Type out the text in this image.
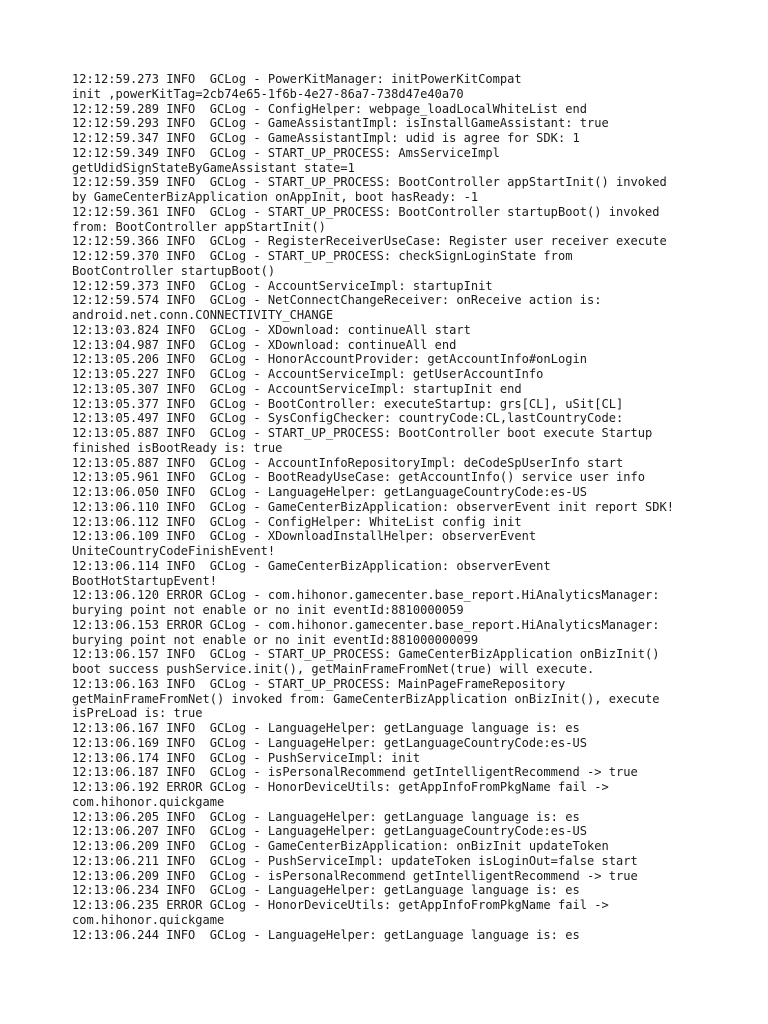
12:12:59.273 INFO  GCLog - PowerKitManager: initPowerKitCompat
init ,powerKitTag=2cb74e65-1f6b-4e27-86a7-738d47e40a70
12:12:59.289 INFO  GCLog - ConfigHelper: webpage_loadLocalWhiteList end
12:12:59.293 INFO  GCLog - GameAssistantImpl: isInstallGameAssistant: true
12:12:59.347 INFO  GCLog - GameAssistantImpl: udid is agree for SDK: 1
12:12:59.349 INFO  GCLog - START_UP_PROCESS: AmsServiceImpl
getUdidSignStateByGameAssistant state=1
12:12:59.359 INFO  GCLog - START_UP_PROCESS: BootController appStartInit() invoked
by GameCenterBizApplication onAppInit, boot hasReady: -1
12:12:59.361 INFO  GCLog - START_UP_PROCESS: BootController startupBoot() invoked
from: BootController appStartInit()
12:12:59.366 INFO  GCLog - RegisterReceiverUseCase: Register user receiver execute
12:12:59.370 INFO  GCLog - START_UP_PROCESS: checkSignLoginState from
BootController startupBoot()
12:12:59.373 INFO  GCLog - AccountServiceImpl: startupInit
12:12:59.574 INFO  GCLog - NetConnectChangeReceiver: onReceive action is:
android.net.conn.CONNECTIVITY_CHANGE
12:13:03.824 INFO  GCLog - XDownload: continueAll start
12:13:04.987 INFO  GCLog - XDownload: continueAll end
12:13:05.206 INFO  GCLog - HonorAccountProvider: getAccountInfo#onLogin
12:13:05.227 INFO  GCLog - AccountServiceImpl: getUserAccountInfo
12:13:05.307 INFO  GCLog - AccountServiceImpl: startupInit end
12:13:05.377 INFO  GCLog - BootController: executeStartup: grs[CL], uSit[CL]
12:13:05.497 INFO  GCLog - SysConfigChecker: countryCode:CL,lastCountryCode:
12:13:05.887 INFO  GCLog - START_UP_PROCESS: BootController boot execute Startup
finished isBootReady is: true
12:13:05.887 INFO  GCLog - AccountInfoRepositoryImpl: deCodeSpUserInfo start
12:13:05.961 INFO  GCLog - BootReadyUseCase: getAccountInfo() service user info
12:13:06.050 INFO  GCLog - LanguageHelper: getLanguageCountryCode:es-US
12:13:06.110 INFO  GCLog - GameCenterBizApplication: observerEvent init report SDK!
12:13:06.112 INFO  GCLog - ConfigHelper: WhiteList config init
12:13:06.109 INFO  GCLog - XDownloadInstallHelper: observerEvent
UniteCountryCodeFinishEvent!
12:13:06.114 INFO  GCLog - GameCenterBizApplication: observerEvent
BootHotStartupEvent!
12:13:06.120 ERROR GCLog - com.hihonor.gamecenter.base_report.HiAnalyticsManager:
burying point not enable or no init eventId:8810000059
12:13:06.153 ERROR GCLog - com.hihonor.gamecenter.base_report.HiAnalyticsManager:
burying point not enable or no init eventId:881000000099
12:13:06.157 INFO  GCLog - START_UP_PROCESS: GameCenterBizApplication onBizInit()
boot success pushService.init(), getMainFrameFromNet(true) will execute.
12:13:06.163 INFO  GCLog - START_UP_PROCESS: MainPageFrameRepository
getMainFrameFromNet() invoked from: GameCenterBizApplication onBizInit(), execute
isPreLoad is: true
12:13:06.167 INFO  GCLog - LanguageHelper: getLanguage language is: es
12:13:06.169 INFO  GCLog - LanguageHelper: getLanguageCountryCode:es-US
12:13:06.174 INFO  GCLog - PushServiceImpl: init
12:13:06.187 INFO  GCLog - isPersonalRecommend getIntelligentRecommend -> true
12:13:06.192 ERROR GCLog - HonorDeviceUtils: getAppInfoFromPkgName fail ->
com.hihonor.quickgame
12:13:06.205 INFO  GCLog - LanguageHelper: getLanguage language is: es
12:13:06.207 INFO  GCLog - LanguageHelper: getLanguageCountryCode:es-US
12:13:06.209 INFO  GCLog - GameCenterBizApplication: onBizInit updateToken
12:13:06.211 INFO  GCLog - PushServiceImpl: updateToken isLoginOut=false start
12:13:06.209 INFO  GCLog - isPersonalRecommend getIntelligentRecommend -> true
12:13:06.234 INFO  GCLog - LanguageHelper: getLanguage language is: es
12:13:06.235 ERROR GCLog - HonorDeviceUtils: getAppInfoFromPkgName fail ->
com.hihonor.quickgame
12:13:06.244 INFO  GCLog - LanguageHelper: getLanguage language is: es
